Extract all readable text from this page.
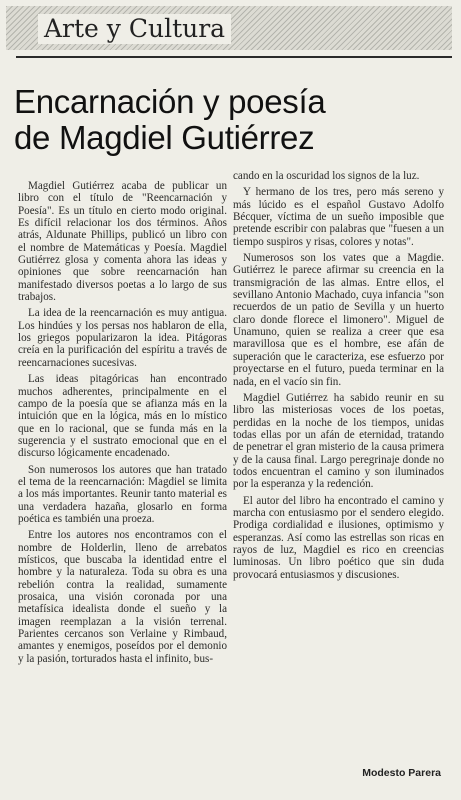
Arte y Cultura
Encarnación y poesía
de Magdiel Gutiérrez

Magdiel Gutiérrez acaba de publicar un libro con el título de "Reencarnación y Poesía". Es un título en cierto modo original. Es difícil relacionar los dos términos. Años atrás, Aldunate Phillips, publicó un libro con el nombre de Matemáticas y Poesía. Magdiel Gutiérrez glosa y comenta ahora las ideas y opiniones que sobre reencarnación han manifestado diversos poetas a lo largo de sus trabajos.

La idea de la reencarnación es muy antigua. Los hindúes y los persas nos hablaron de ella, los griegos popularizaron la idea. Pitágoras creía en la purificación del espíritu a través de reencarnaciones sucesivas.

Las ideas pitagóricas han encontrado muchos adherentes, principalmente en el campo de la poesía que se afianza más en la intuición que en la lógica, más en lo místico que en lo racional, que se funda más en la sugerencia y el sustrato emocional que en el discurso lógicamente encadenado.

Son numerosos los autores que han tratado el tema de la reencarnación: Magdiel se limita a los más importantes. Reunir tanto material es una verdadera hazaña, glosarlo en forma poética es también una proeza.

Entre los autores nos encontramos con el nombre de Holderlin, lleno de arrebatos místicos, que buscaba la identidad entre el hombre y la naturaleza. Toda su obra es una rebelión contra la realidad, sumamente prosaica, una visión coronada por una metafísica idealista donde el sueño y la imagen reemplazan a la visión terrenal. Parientes cercanos son Verlaine y Rimbaud, amantes y enemigos, poseídos por el demonio y la pasión, torturados hasta el infinito, bus-

cando en la oscuridad los signos de la luz.

Y hermano de los tres, pero más sereno y más lúcido es el español Gustavo Adolfo Bécquer, víctima de un sueño imposible que pretende escribir con palabras que "fuesen a un tiempo suspiros y risas, colores y notas".

Numerosos son los vates que a Magdie. Gutiérrez le parece afirmar su creencia en la transmigración de las almas. Entre ellos, el sevillano Antonio Machado, cuya infancia "son recuerdos de un patio de Sevilla y un huerto claro donde florece el limonero". Miguel de Unamuno, quien se realiza a creer que esa maravillosa que es el hombre, ese afán de superación que le caracteriza, ese esfuerzo por proyectarse en el futuro, pueda terminar en la nada, en el vacío sin fin.

Magdiel Gutiérrez ha sabido reunir en su libro las misteriosas voces de los poetas, perdidas en la noche de los tiempos, unidas todas ellas por un afán de eternidad, tratando de penetrar el gran misterio de la causa primera y de la causa final. Largo peregrinaje donde no todos encuentran el camino y son iluminados por la esperanza y la redención.

El autor del libro ha encontrado el camino y marcha con entusiasmo por el sendero elegido. Prodiga cordialidad e ilusiones, optimismo y esperanzas. Así como las estrellas son ricas en rayos de luz, Magdiel es rico en creencias luminosas. Un libro poético que sin duda provocará entusiasmos y discusiones.

Modesto Parera
